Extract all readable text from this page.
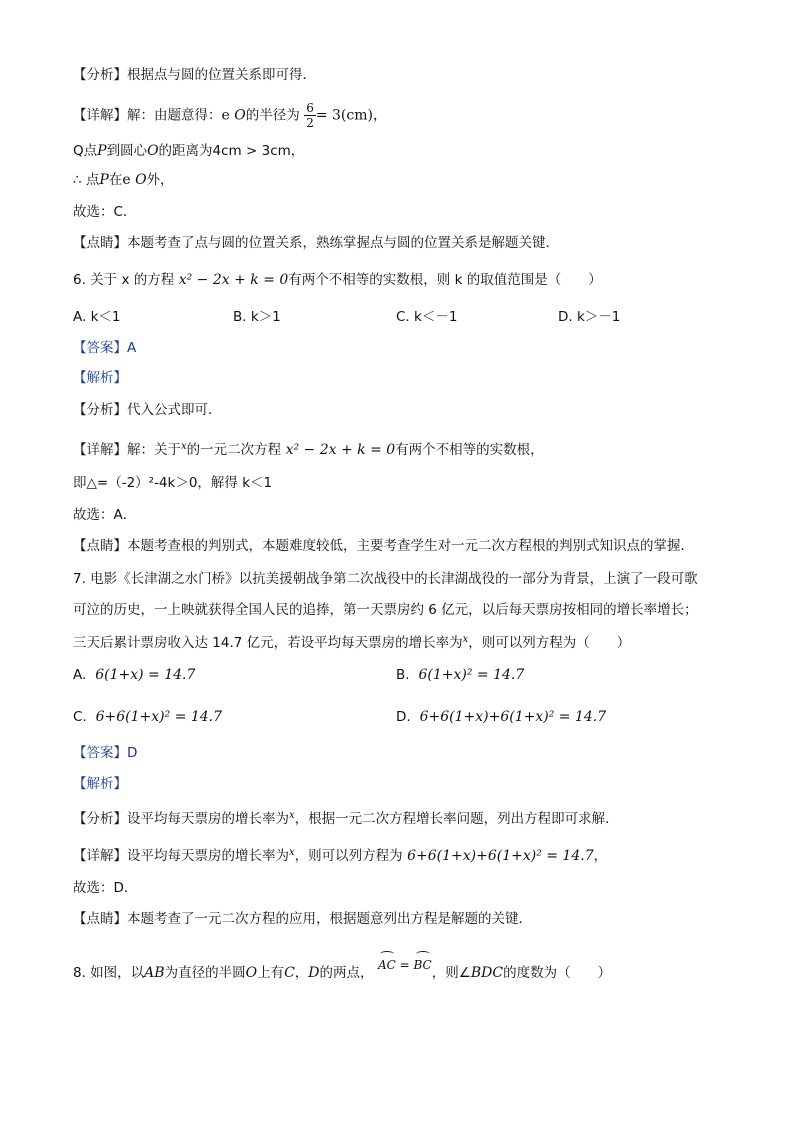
【分析】根据点与圆的位置关系即可得．
【详解】解：由题意得：e O的半径为 $\frac{6}{2} = 3(cm)$，
Q点P到圆心O的距离为4cm > 3cm，
∴ 点P在e O外，
故选：C．
【点睛】本题考查了点与圆的位置关系，熟练掌握点与圆的位置关系是解题关键．
6. 关于 x 的方程 x² − 2x + k = 0有两个不相等的实数根，则 k 的取值范围是（　　）
A. k＜1	B. k＞1	C. k＜－1	D. k＞－1
【答案】A
【解析】
【分析】代入公式即可．
【详解】解：关于$^x$的一元二次方程 x² − 2x + k = 0有两个不相等的实数根，
即△=（-2）²-4k＞0，解得 k＜1
故选：A．
【点睛】本题考查根的判别式，本题难度较低，主要考查学生对一元二次方程根的判别式知识点的掌握．
7. 电影《长津湖之水门桥》以抗美援朝战争第二次战役中的长津湖战役的一部分为背景，上演了一段可歌
可泣的历史，一上映就获得全国人民的追捧，第一天票房约 6 亿元，以后每天票房按相同的增长率增长；
三天后累计票房收入达 14.7 亿元，若设平均每天票房的增长率为$^x$，则可以列方程为（　　）
A. 6(1+x) = 14.7	B. 6(1+x)² = 14.7
C. 6+6(1+x)² = 14.7	D. 6+6(1+x)+6(1+x)² = 14.7
【答案】D
【解析】
【分析】设平均每天票房的增长率为$^x$，根据一元二次方程增长率问题，列出方程即可求解．
【详解】设平均每天票房的增长率为$^x$，则可以列方程为 6+6(1+x)+6(1+x)² = 14.7，
故选：D．
【点睛】本题考查了一元二次方程的应用，根据题意列出方程是解题的关键．
8. 如图，以AB为直径的半圆O上有C，D的两点， AC = BC，则∠BDC的度数为（　　）
